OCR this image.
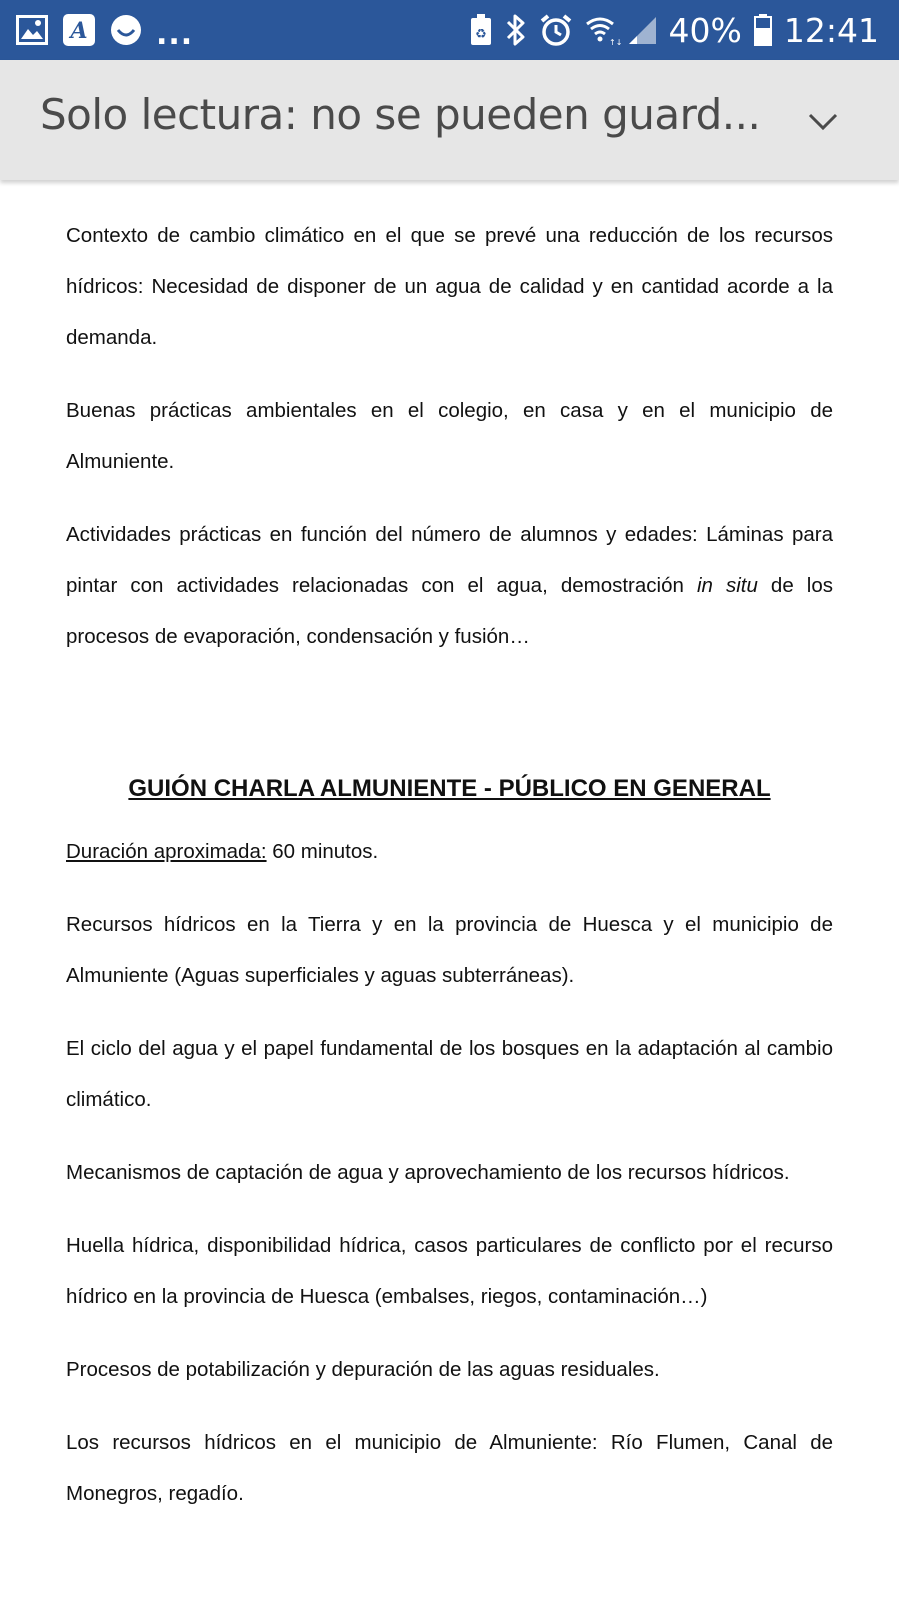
A ...	♻
↑↓ 40% 12:41
Solo lectura: no se pueden guard...

Contexto de cambio climático en el que se prevé una reducción de los recursos hídricos: Necesidad de disponer de un agua de calidad y en cantidad acorde a la demanda.

Buenas prácticas ambientales en el colegio, en casa y en el municipio de Almuniente.

Actividades prácticas en función del número de alumnos y edades: Láminas para pintar con actividades relacionadas con el agua, demostración in situ de los procesos de evaporación, condensación y fusión…

GUIÓN CHARLA ALMUNIENTE - PÚBLICO EN GENERAL

Duración aproximada: 60 minutos.

Recursos hídricos en la Tierra y en la provincia de Huesca y el municipio de Almuniente (Aguas superficiales y aguas subterráneas).

El ciclo del agua y el papel fundamental de los bosques en la adaptación al cambio climático.

Mecanismos de captación de agua y aprovechamiento de los recursos hídricos.

Huella hídrica, disponibilidad hídrica, casos particulares de conflicto por el recurso hídrico en la provincia de Huesca (embalses, riegos, contaminación…)

Procesos de potabilización y depuración de las aguas residuales.

Los recursos hídricos en el municipio de Almuniente: Río Flumen, Canal de Monegros, regadío.
